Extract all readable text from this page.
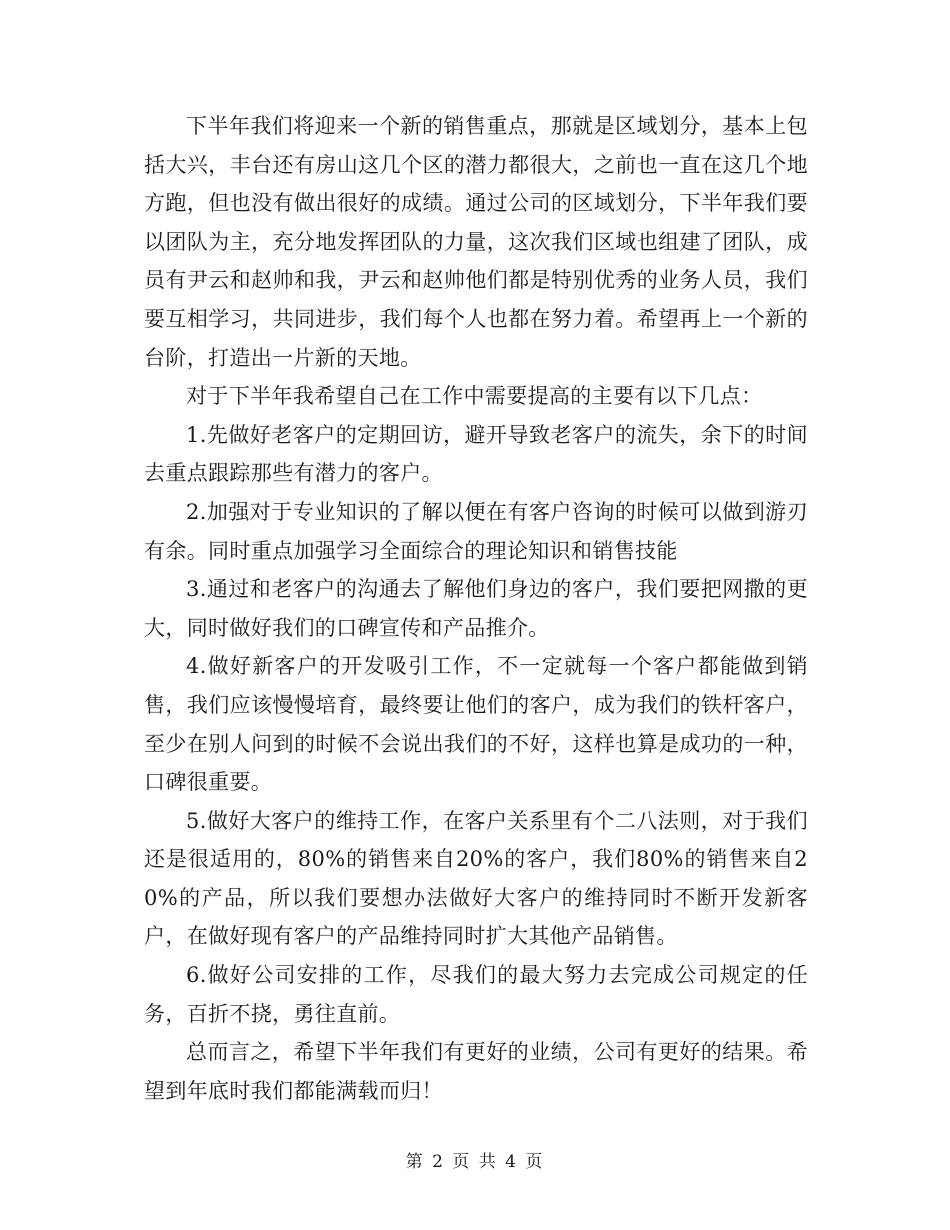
下半年我们将迎来一个新的销售重点，那就是区域划分，基本上包括大兴，丰台还有房山这几个区的潜力都很大，之前也一直在这几个地方跑，但也没有做出很好的成绩。通过公司的区域划分，下半年我们要以团队为主，充分地发挥团队的力量，这次我们区域也组建了团队，成员有尹云和赵帅和我，尹云和赵帅他们都是特别优秀的业务人员，我们要互相学习，共同进步，我们每个人也都在努力着。希望再上一个新的台阶，打造出一片新的天地。

对于下半年我希望自己在工作中需要提高的主要有以下几点：

1.先做好老客户的定期回访，避开导致老客户的流失，余下的时间去重点跟踪那些有潜力的客户。

2.加强对于专业知识的了解以便在有客户咨询的时候可以做到游刃有余。同时重点加强学习全面综合的理论知识和销售技能

3.通过和老客户的沟通去了解他们身边的客户，我们要把网撒的更大，同时做好我们的口碑宣传和产品推介。

4.做好新客户的开发吸引工作，不一定就每一个客户都能做到销售，我们应该慢慢培育，最终要让他们的客户，成为我们的铁杆客户，至少在别人问到的时候不会说出我们的不好，这样也算是成功的一种，口碑很重要。

5.做好大客户的维持工作，在客户关系里有个二八法则，对于我们还是很适用的，80%的销售来自20%的客户，我们80%的销售来自20%的产品，所以我们要想办法做好大客户的维持同时不断开发新客户，在做好现有客户的产品维持同时扩大其他产品销售。

6.做好公司安排的工作，尽我们的最大努力去完成公司规定的任务，百折不挠，勇往直前。

总而言之，希望下半年我们有更好的业绩，公司有更好的结果。希望到年底时我们都能满载而归！

第 2 页 共 4 页
